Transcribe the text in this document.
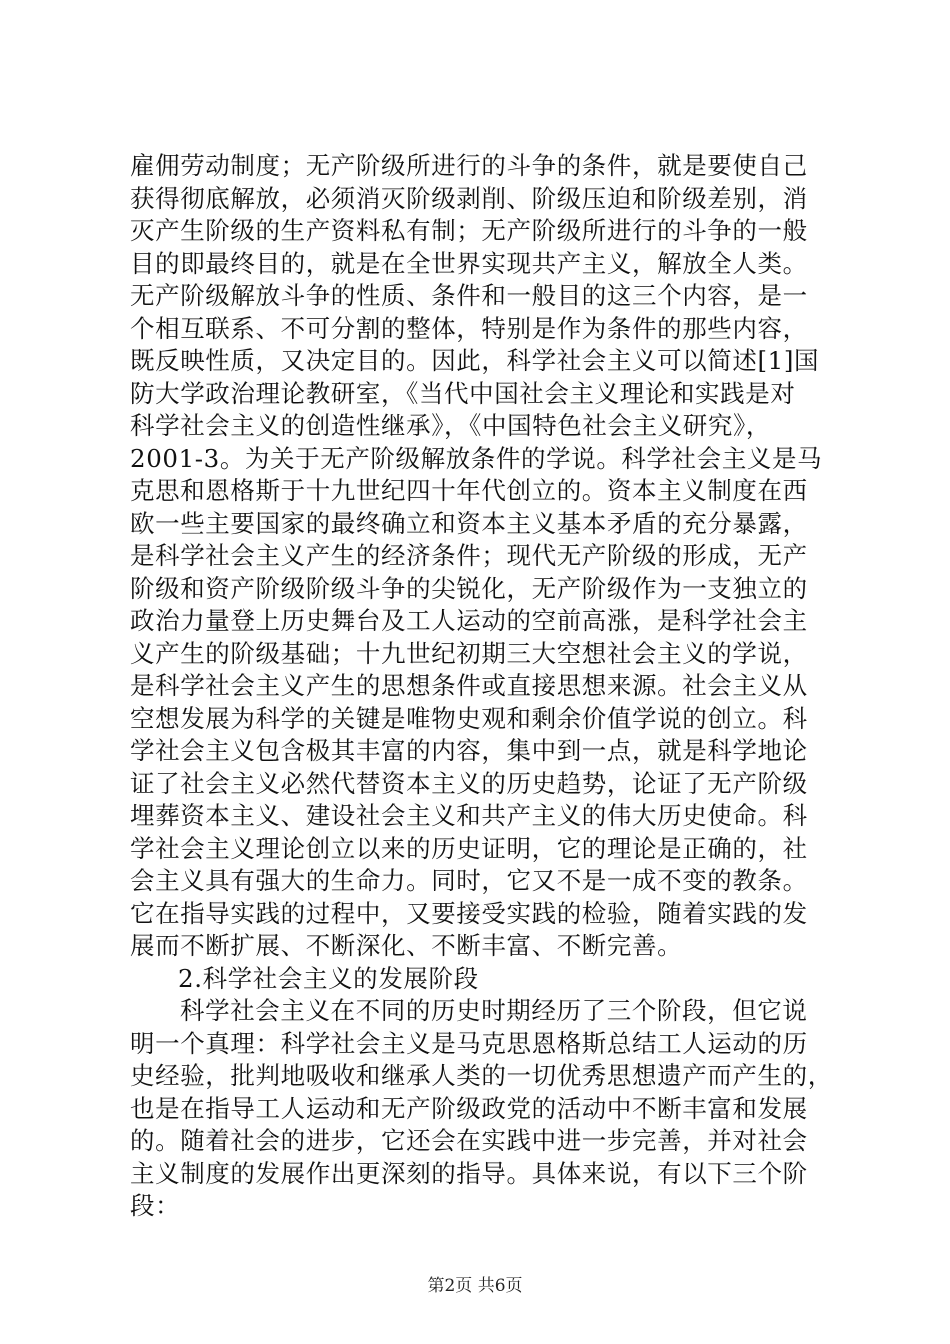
雇佣劳动制度；无产阶级所进行的斗争的条件，就是要使自己
获得彻底解放，必须消灭阶级剥削、阶级压迫和阶级差别，消
灭产生阶级的生产资料私有制；无产阶级所进行的斗争的一般
目的即最终目的，就是在全世界实现共产主义，解放全人类。
无产阶级解放斗争的性质、条件和一般目的这三个内容，是一
个相互联系、不可分割的整体，特别是作为条件的那些内容，
既反映性质，又决定目的。因此，科学社会主义可以简述[1]国
防大学政治理论教研室，《当代中国社会主义理论和实践是对
科学社会主义的创造性继承》，《中国特色社会主义研究》，
2001-3。为关于无产阶级解放条件的学说。科学社会主义是马
克思和恩格斯于十九世纪四十年代创立的。资本主义制度在西
欧一些主要国家的最终确立和资本主义基本矛盾的充分暴露，
是科学社会主义产生的经济条件；现代无产阶级的形成，无产
阶级和资产阶级阶级斗争的尖锐化，无产阶级作为一支独立的
政治力量登上历史舞台及工人运动的空前高涨，是科学社会主
义产生的阶级基础；十九世纪初期三大空想社会主义的学说，
是科学社会主义产生的思想条件或直接思想来源。社会主义从
空想发展为科学的关键是唯物史观和剩余价值学说的创立。科
学社会主义包含极其丰富的内容，集中到一点，就是科学地论
证了社会主义必然代替资本主义的历史趋势，论证了无产阶级
埋葬资本主义、建设社会主义和共产主义的伟大历史使命。科
学社会主义理论创立以来的历史证明，它的理论是正确的，社
会主义具有强大的生命力。同时，它又不是一成不变的教条。
它在指导实践的过程中，又要接受实践的检验，随着实践的发
展而不断扩展、不断深化、不断丰富、不断完善。
2.科学社会主义的发展阶段
科学社会主义在不同的历史时期经历了三个阶段，但它说
明一个真理：科学社会主义是马克思恩格斯总结工人运动的历
史经验，批判地吸收和继承人类的一切优秀思想遗产而产生的，
也是在指导工人运动和无产阶级政党的活动中不断丰富和发展
的。随着社会的进步，它还会在实践中进一步完善，并对社会
主义制度的发展作出更深刻的指导。具体来说，有以下三个阶
段：
第2页 共6页
